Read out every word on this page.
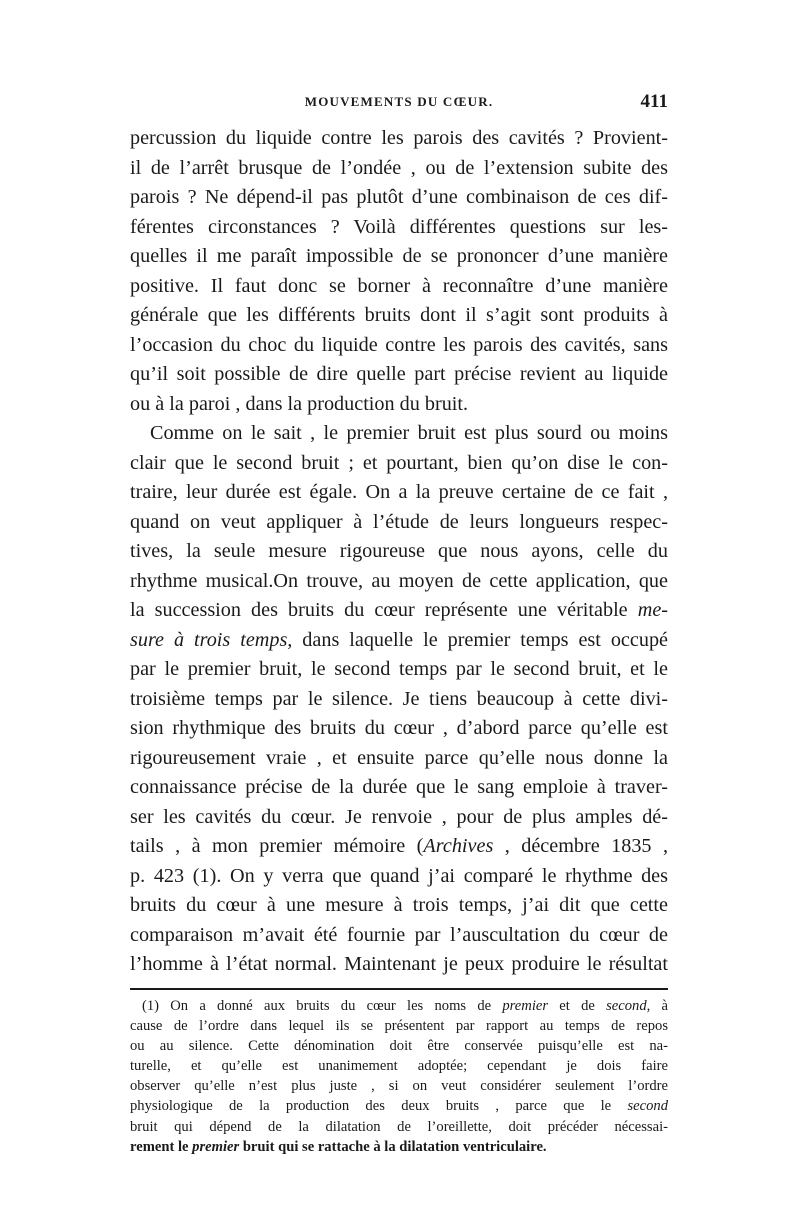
MOUVEMENTS DU CŒUR.	411
percussion du liquide contre les parois des cavités ? Provient-
il de l’arrêt brusque de l’ondée , ou de l’extension subite des
parois ? Ne dépend-il pas plutôt d’une combinaison de ces dif-
férentes circonstances ? Voilà différentes questions sur les-
quelles il me paraît impossible de se prononcer d’une manière
positive. Il faut donc se borner à reconnaître d’une manière
générale que les différents bruits dont il s’agit sont produits à
l’occasion du choc du liquide contre les parois des cavités, sans
qu’il soit possible de dire quelle part précise revient au liquide
ou à la paroi , dans la production du bruit.
Comme on le sait , le premier bruit est plus sourd ou moins
clair que le second bruit ; et pourtant, bien qu’on dise le con-
traire, leur durée est égale. On a la preuve certaine de ce fait ,
quand on veut appliquer à l’étude de leurs longueurs respec-
tives, la seule mesure rigoureuse que nous ayons, celle du
rhythme musical.On trouve, au moyen de cette application, que
la succession des bruits du cœur représente une véritable me-
sure à trois temps, dans laquelle le premier temps est occupé
par le premier bruit, le second temps par le second bruit, et le
troisième temps par le silence. Je tiens beaucoup à cette divi-
sion rhythmique des bruits du cœur , d’abord parce qu’elle est
rigoureusement vraie , et ensuite parce qu’elle nous donne la
connaissance précise de la durée que le sang emploie à traver-
ser les cavités du cœur. Je renvoie , pour de plus amples dé-
tails , à mon premier mémoire (Archives , décembre 1835 ,
p. 423 (1). On y verra que quand j’ai comparé le rhythme des
bruits du cœur à une mesure à trois temps, j’ai dit que cette
comparaison m’avait été fournie par l’auscultation du cœur de
l’homme à l’état normal. Maintenant je peux produire le résultat
(1) On a donné aux bruits du cœur les noms de premier et de second, à
cause de l’ordre dans lequel ils se présentent par rapport au temps de repos
ou au silence. Cette dénomination doit être conservée puisqu’elle est na-
turelle, et qu’elle est unanimement adoptée; cependant je dois faire
observer qu’elle n’est plus juste , si on veut considérer seulement l’ordre
physiologique de la production des deux bruits , parce que le second
bruit qui dépend de la dilatation de l’oreillette, doit précéder nécessai-
rement le premier bruit qui se rattache à la dilatation ventriculaire.
